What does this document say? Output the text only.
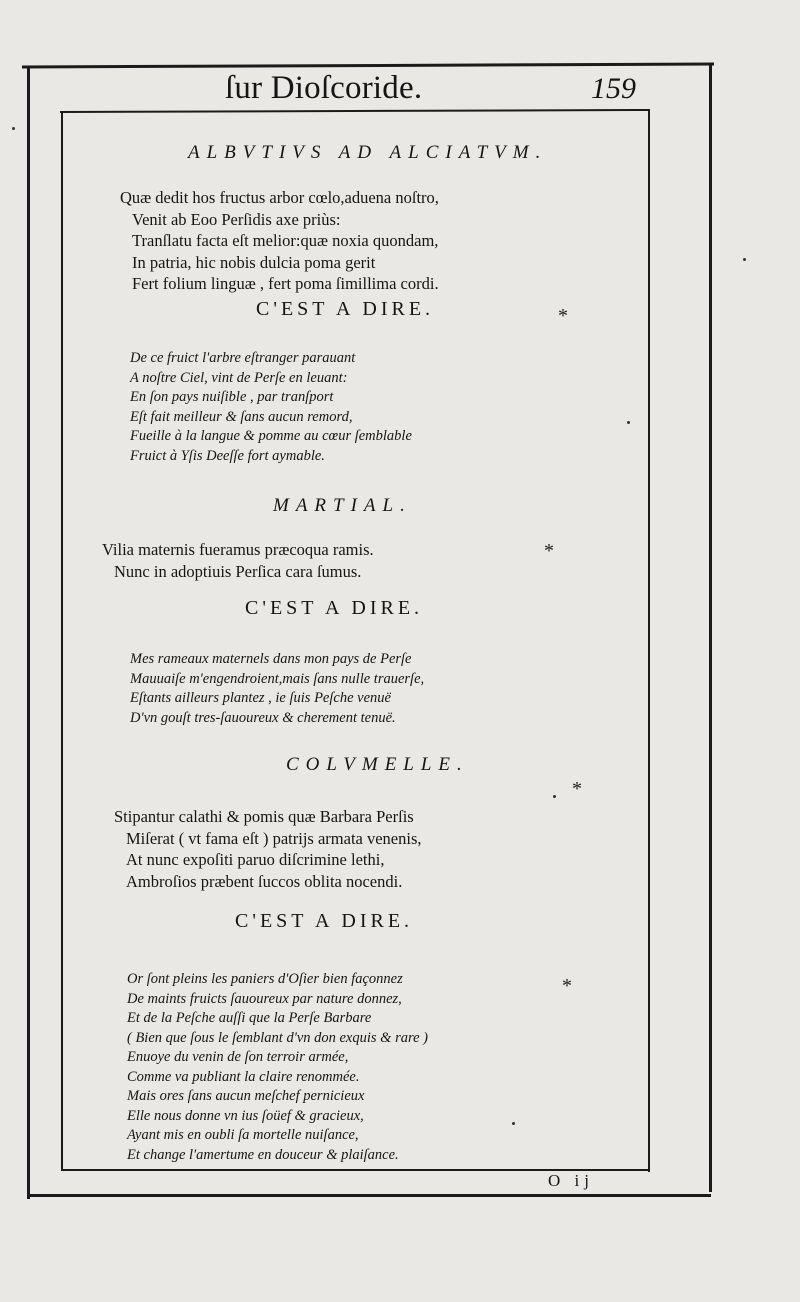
ſur Dioſcoride.	159
ALBVTIVS AD ALCIATVM.
Quæ dedit hos fructus arbor cœlo,aduena noſtro,
Venit ab Eoo Perſidis axe priùs:
Tranſlatu facta eſt melior:quæ noxia quondam,
In patria, hic nobis dulcia poma gerit
Fert folium linguæ , fert poma ſimillima cordi.
C'EST A DIRE.	*
De ce fruict l'arbre eſtranger parauant
A noſtre Ciel, vint de Perſe en leuant:
En ſon pays nuiſible , par tranſport
Eſt fait meilleur & ſans aucun remord,
Fueille à la langue & pomme au cœur ſemblable
Fruict à Yſis Deeſſe fort aymable.
MARTIAL.
*
Vilia maternis fueramus præcoqua ramis.
Nunc in adoptiuis Perſica cara ſumus.
C'EST A DIRE.
Mes rameaux maternels dans mon pays de Perſe
Mauuaiſe m'engendroient,mais ſans nulle trauerſe,
Eſtants ailleurs plantez , ie ſuis Peſche venuë
D'vn gouſt tres-ſauoureux & cherement tenuë.
COLVMELLE.
*
Stipantur calathi & pomis quæ Barbara Perſis
Miſerat ( vt fama eſt ) patrijs armata venenis,
At nunc expoſiti paruo diſcrimine lethi,
Ambroſios præbent ſuccos oblita nocendi.
C'EST A DIRE.
*
Or ſont pleins les paniers d'Oſier bien façonnez
De maints fruicts ſauoureux par nature donnez,
Et de la Peſche auſſi que la Perſe Barbare
( Bien que ſous le ſemblant d'vn don exquis & rare )
Enuoye du venin de ſon terroir armée,
Comme va publiant la claire renommée.
Mais ores ſans aucun meſchef pernicieux
Elle nous donne vn ius ſoüef & gracieux,
Ayant mis en oubli ſa mortelle nuiſance,
Et change l'amertume en douceur & plaiſance.
O ij
